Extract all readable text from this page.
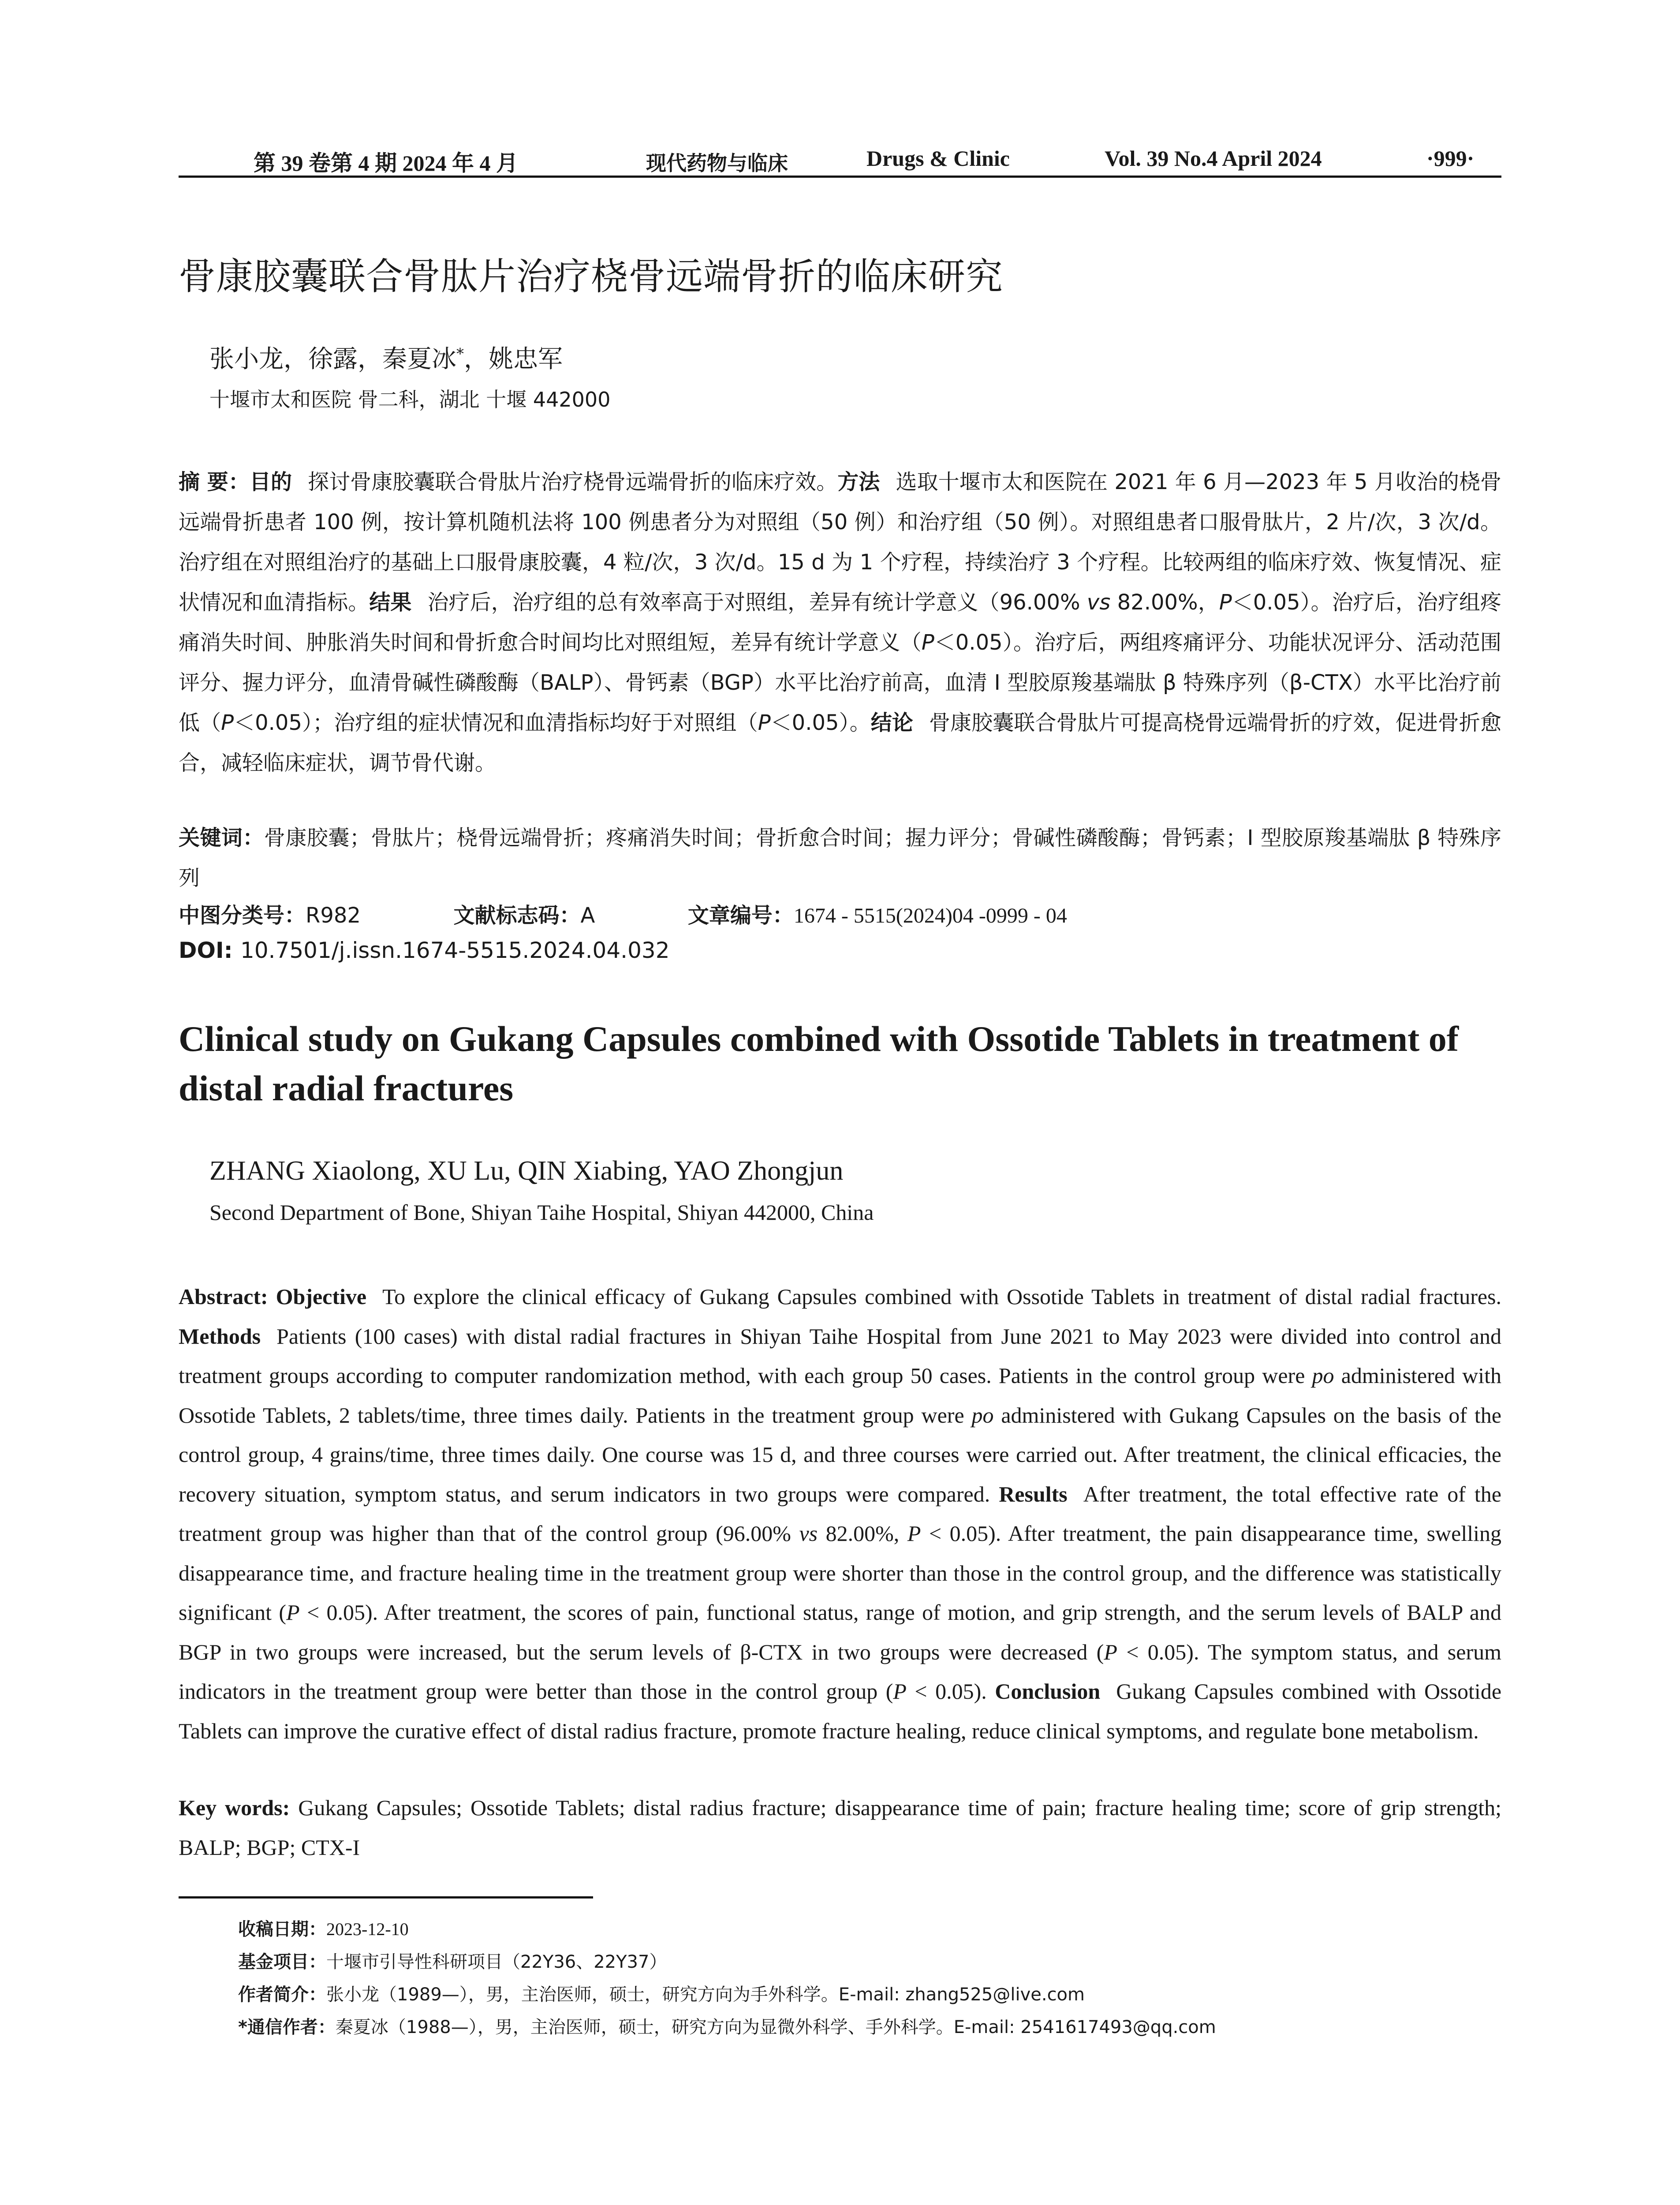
第 39 卷第 4 期 2024 年 4 月	现代药物与临床	Drugs & Clinic	Vol. 39 No.4 April 2024	·999·
骨康胶囊联合骨肽片治疗桡骨远端骨折的临床研究
张小龙，徐露，秦夏冰*，姚忠军
十堰市太和医院 骨二科，湖北 十堰 442000
摘 要：目的 探讨骨康胶囊联合骨肽片治疗桡骨远端骨折的临床疗效。方法 选取十堰市太和医院在 2021 年 6 月—2023 年 5 月收治的桡骨远端骨折患者 100 例，按计算机随机法将 100 例患者分为对照组（50 例）和治疗组（50 例）。对照组患者口服骨肽片，2 片/次，3 次/d。治疗组在对照组治疗的基础上口服骨康胶囊，4 粒/次，3 次/d。15 d 为 1 个疗程，持续治疗 3 个疗程。比较两组的临床疗效、恢复情况、症状情况和血清指标。结果 治疗后，治疗组的总有效率高于对照组，差异有统计学意义（96.00% vs 82.00%，P＜0.05）。治疗后，治疗组疼痛消失时间、肿胀消失时间和骨折愈合时间均比对照组短，差异有统计学意义（P＜0.05）。治疗后，两组疼痛评分、功能状况评分、活动范围评分、握力评分，血清骨碱性磷酸酶（BALP）、骨钙素（BGP）水平比治疗前高，血清 Ⅰ 型胶原羧基端肽 β 特殊序列（β-CTX）水平比治疗前低（P＜0.05）；治疗组的症状情况和血清指标均好于对照组（P＜0.05）。结论 骨康胶囊联合骨肽片可提高桡骨远端骨折的疗效，促进骨折愈合，减轻临床症状，调节骨代谢。
关键词：骨康胶囊；骨肽片；桡骨远端骨折；疼痛消失时间；骨折愈合时间；握力评分；骨碱性磷酸酶；骨钙素；Ⅰ 型胶原羧基端肽 β 特殊序列
中图分类号：R982	文献标志码：A	文章编号：1674 - 5515(2024)04 -0999 - 04
DOI: 10.7501/j.issn.1674-5515.2024.04.032
Clinical study on Gukang Capsules combined with Ossotide Tablets in treatment of distal radial fractures
ZHANG Xiaolong, XU Lu, QIN Xiabing, YAO Zhongjun
Second Department of Bone, Shiyan Taihe Hospital, Shiyan 442000, China
Abstract: Objective To explore the clinical efficacy of Gukang Capsules combined with Ossotide Tablets in treatment of distal radial fractures. Methods Patients (100 cases) with distal radial fractures in Shiyan Taihe Hospital from June 2021 to May 2023 were divided into control and treatment groups according to computer randomization method, with each group 50 cases. Patients in the control group were po administered with Ossotide Tablets, 2 tablets/time, three times daily. Patients in the treatment group were po administered with Gukang Capsules on the basis of the control group, 4 grains/time, three times daily. One course was 15 d, and three courses were carried out. After treatment, the clinical efficacies, the recovery situation, symptom status, and serum indicators in two groups were compared. Results After treatment, the total effective rate of the treatment group was higher than that of the control group (96.00% vs 82.00%, P < 0.05). After treatment, the pain disappearance time, swelling disappearance time, and fracture healing time in the treatment group were shorter than those in the control group, and the difference was statistically significant (P < 0.05). After treatment, the scores of pain, functional status, range of motion, and grip strength, and the serum levels of BALP and BGP in two groups were increased, but the serum levels of β-CTX in two groups were decreased (P < 0.05). The symptom status, and serum indicators in the treatment group were better than those in the control group (P < 0.05). Conclusion Gukang Capsules combined with Ossotide Tablets can improve the curative effect of distal radius fracture, promote fracture healing, reduce clinical symptoms, and regulate bone metabolism.
Key words: Gukang Capsules; Ossotide Tablets; distal radius fracture; disappearance time of pain; fracture healing time; score of grip strength; BALP; BGP; CTX-I
收稿日期：2023-12-10
基金项目：十堰市引导性科研项目（22Y36、22Y37）
作者简介：张小龙（1989—），男，主治医师，硕士，研究方向为手外科学。E-mail: zhang525@live.com
*通信作者：秦夏冰（1988—），男，主治医师，硕士，研究方向为显微外科学、手外科学。E-mail: 2541617493@qq.com
